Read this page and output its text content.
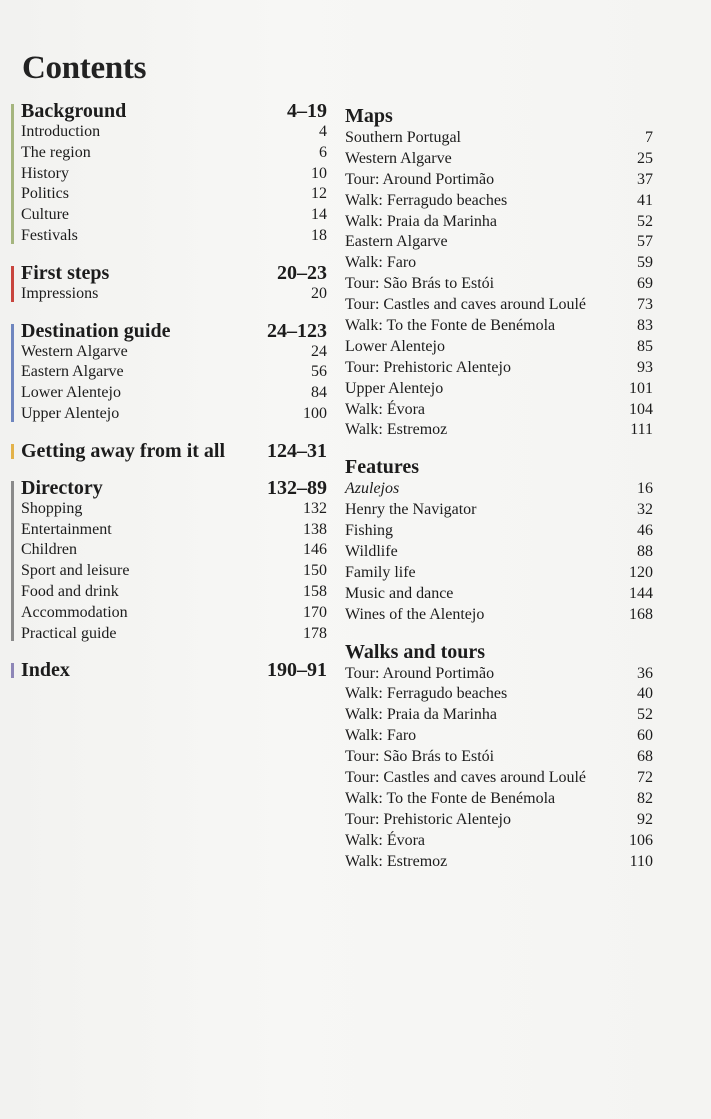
Contents
Background	4–19
Introduction	4
The region	6
History	10
Politics	12
Culture	14
Festivals	18
First steps	20–23
Impressions	20
Destination guide	24–123
Western Algarve	24
Eastern Algarve	56
Lower Alentejo	84
Upper Alentejo	100
Getting away from it all 124–31
Directory	132–89
Shopping	132
Entertainment	138
Children	146
Sport and leisure	150
Food and drink	158
Accommodation	170
Practical guide	178
Index	190–91
Maps
Southern Portugal	7
Western Algarve	25
Tour: Around Portimão	37
Walk: Ferragudo beaches	41
Walk: Praia da Marinha	52
Eastern Algarve	57
Walk: Faro	59
Tour: São Brás to Estói	69
Tour: Castles and caves around Loulé	73
Walk: To the Fonte de Benémola	83
Lower Alentejo	85
Tour: Prehistoric Alentejo	93
Upper Alentejo	101
Walk: Évora	104
Walk: Estremoz	111
Features
Azulejos	16
Henry the Navigator	32
Fishing	46
Wildlife	88
Family life	120
Music and dance	144
Wines of the Alentejo	168
Walks and tours
Tour: Around Portimão	36
Walk: Ferragudo beaches	40
Walk: Praia da Marinha	52
Walk: Faro	60
Tour: São Brás to Estói	68
Tour: Castles and caves around Loulé	72
Walk: To the Fonte de Benémola	82
Tour: Prehistoric Alentejo	92
Walk: Évora	106
Walk: Estremoz	110
